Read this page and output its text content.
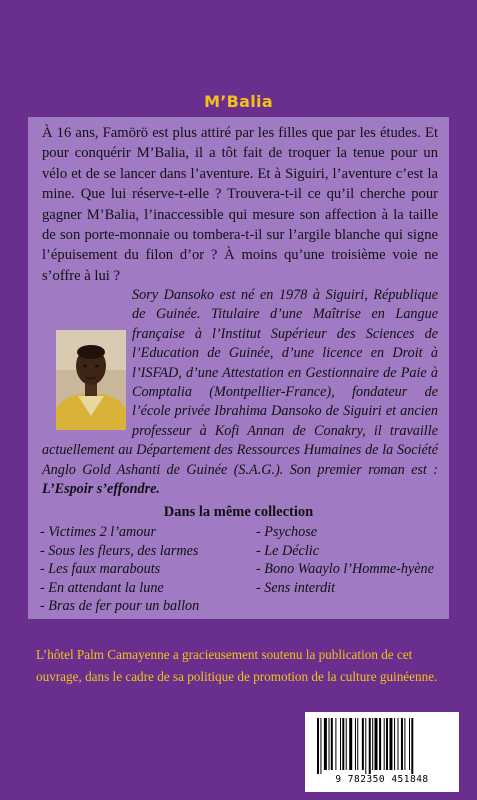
M’Balia

À 16 ans, Famörö est plus attiré par les filles que par les études. Et pour conquérir M’Balia, il a tôt fait de troquer la tenue pour un vélo et de se lancer dans l’aventure. Et à Siguiri, l’aventure c’est la mine. Que lui réserve-t-elle ? Trouvera-t-il ce qu’il cherche pour gagner M’Balia, l’inaccessible qui mesure son affection à la taille de son porte-monnaie ou tombera-t-il sur l’argile blanche qui signe l’épuisement du filon d’or ? À moins qu’une troisième voie ne s’offre à lui ?

Sory Dansoko est né en 1978 à Siguiri, République de Guinée. Titulaire d’une Maîtrise en Langue française à l’Institut Supérieur des Sciences de l’Education de Guinée, d’une licence en Droit à l’ISFAD, d’une Attestation en Gestionnaire de Paie à Comptalia (Montpellier-France), fondateur de l’école privée Ibrahima Dansoko de Siguiri et ancien professeur à Kofi Annan de Conakry, il travaille actuellement au Département des Ressources Humaines de la Société Anglo Gold Ashanti de Guinée (S.A.G.). Son premier roman est : L’Espoir s’effondre.

Dans la même collection
- Victimes 2 l’amour
- Sous les fleurs, des larmes
- Les faux marabouts
- En attendant la lune
- Bras de fer pour un ballon
- Psychose
- Le Déclic
- Bono Waaylo l’Homme-hyène
- Sens interdit

L’hôtel Palm Camayenne a gracieusement soutenu la publication de cet ouvrage, dans le cadre de sa politique de promotion de la culture guinéenne.

9 782350 451848
